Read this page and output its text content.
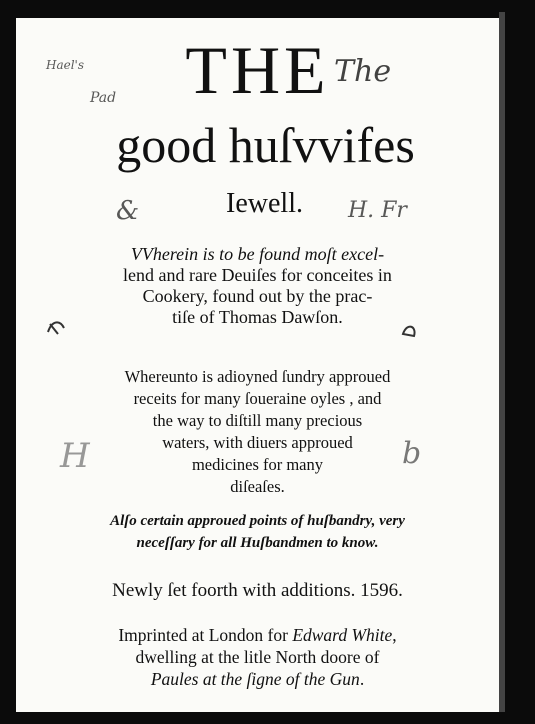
Hael's
Pad
The
&	H. Fr
H	b
THE
good huſvvifes
Iewell.
VVherein is to be found moſt excel-
lend and rare Deuiſes for conceites in
Cookery, found out by the prac-
tiſe of Thomas Dawſon.
Whereunto is adioyned ſundry approued
receits for many ſoueraine oyles , and
the way to diſtill many precious
waters, with diuers approued
medicines for many
diſeaſes.
Alſo certain approued points of huſbandry, very
neceſſary for all Huſbandmen to know.
Newly ſet foorth with additions. 1596.
Imprinted at London for Edward White,
dwelling at the litle North doore of
Paules at the ſigne of the Gun.
